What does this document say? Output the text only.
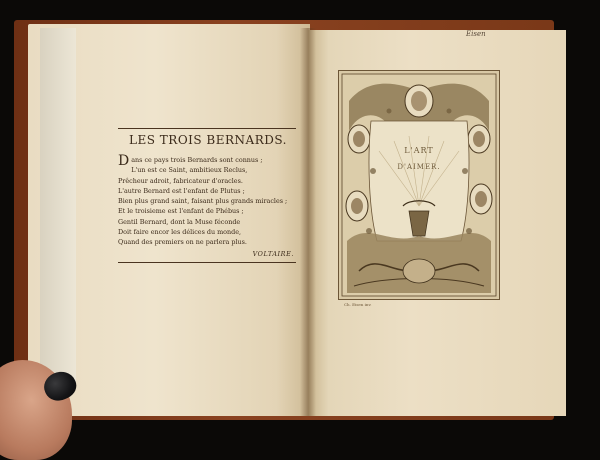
LES TROIS BERNARDS.
Dans ce pays trois Bernards sont connus ;
L'un est ce Saint, ambitieux Reclus,
Prêcheur adroit, fabricateur d'oracles.
L'autre Bernard est l'enfant de Plutus ;
Bien plus grand saint, faisant plus grands miracles ;
Et le troisieme est l'enfant de Phébus ;
Gentil Bernard, dont la Muse féconde
Doit faire encor les délices du monde,
Quand des premiers on ne parlera plus.
VOLTAIRE.
Eisen
L'ART
D'AIMER.
Ch. Eisen inv.
